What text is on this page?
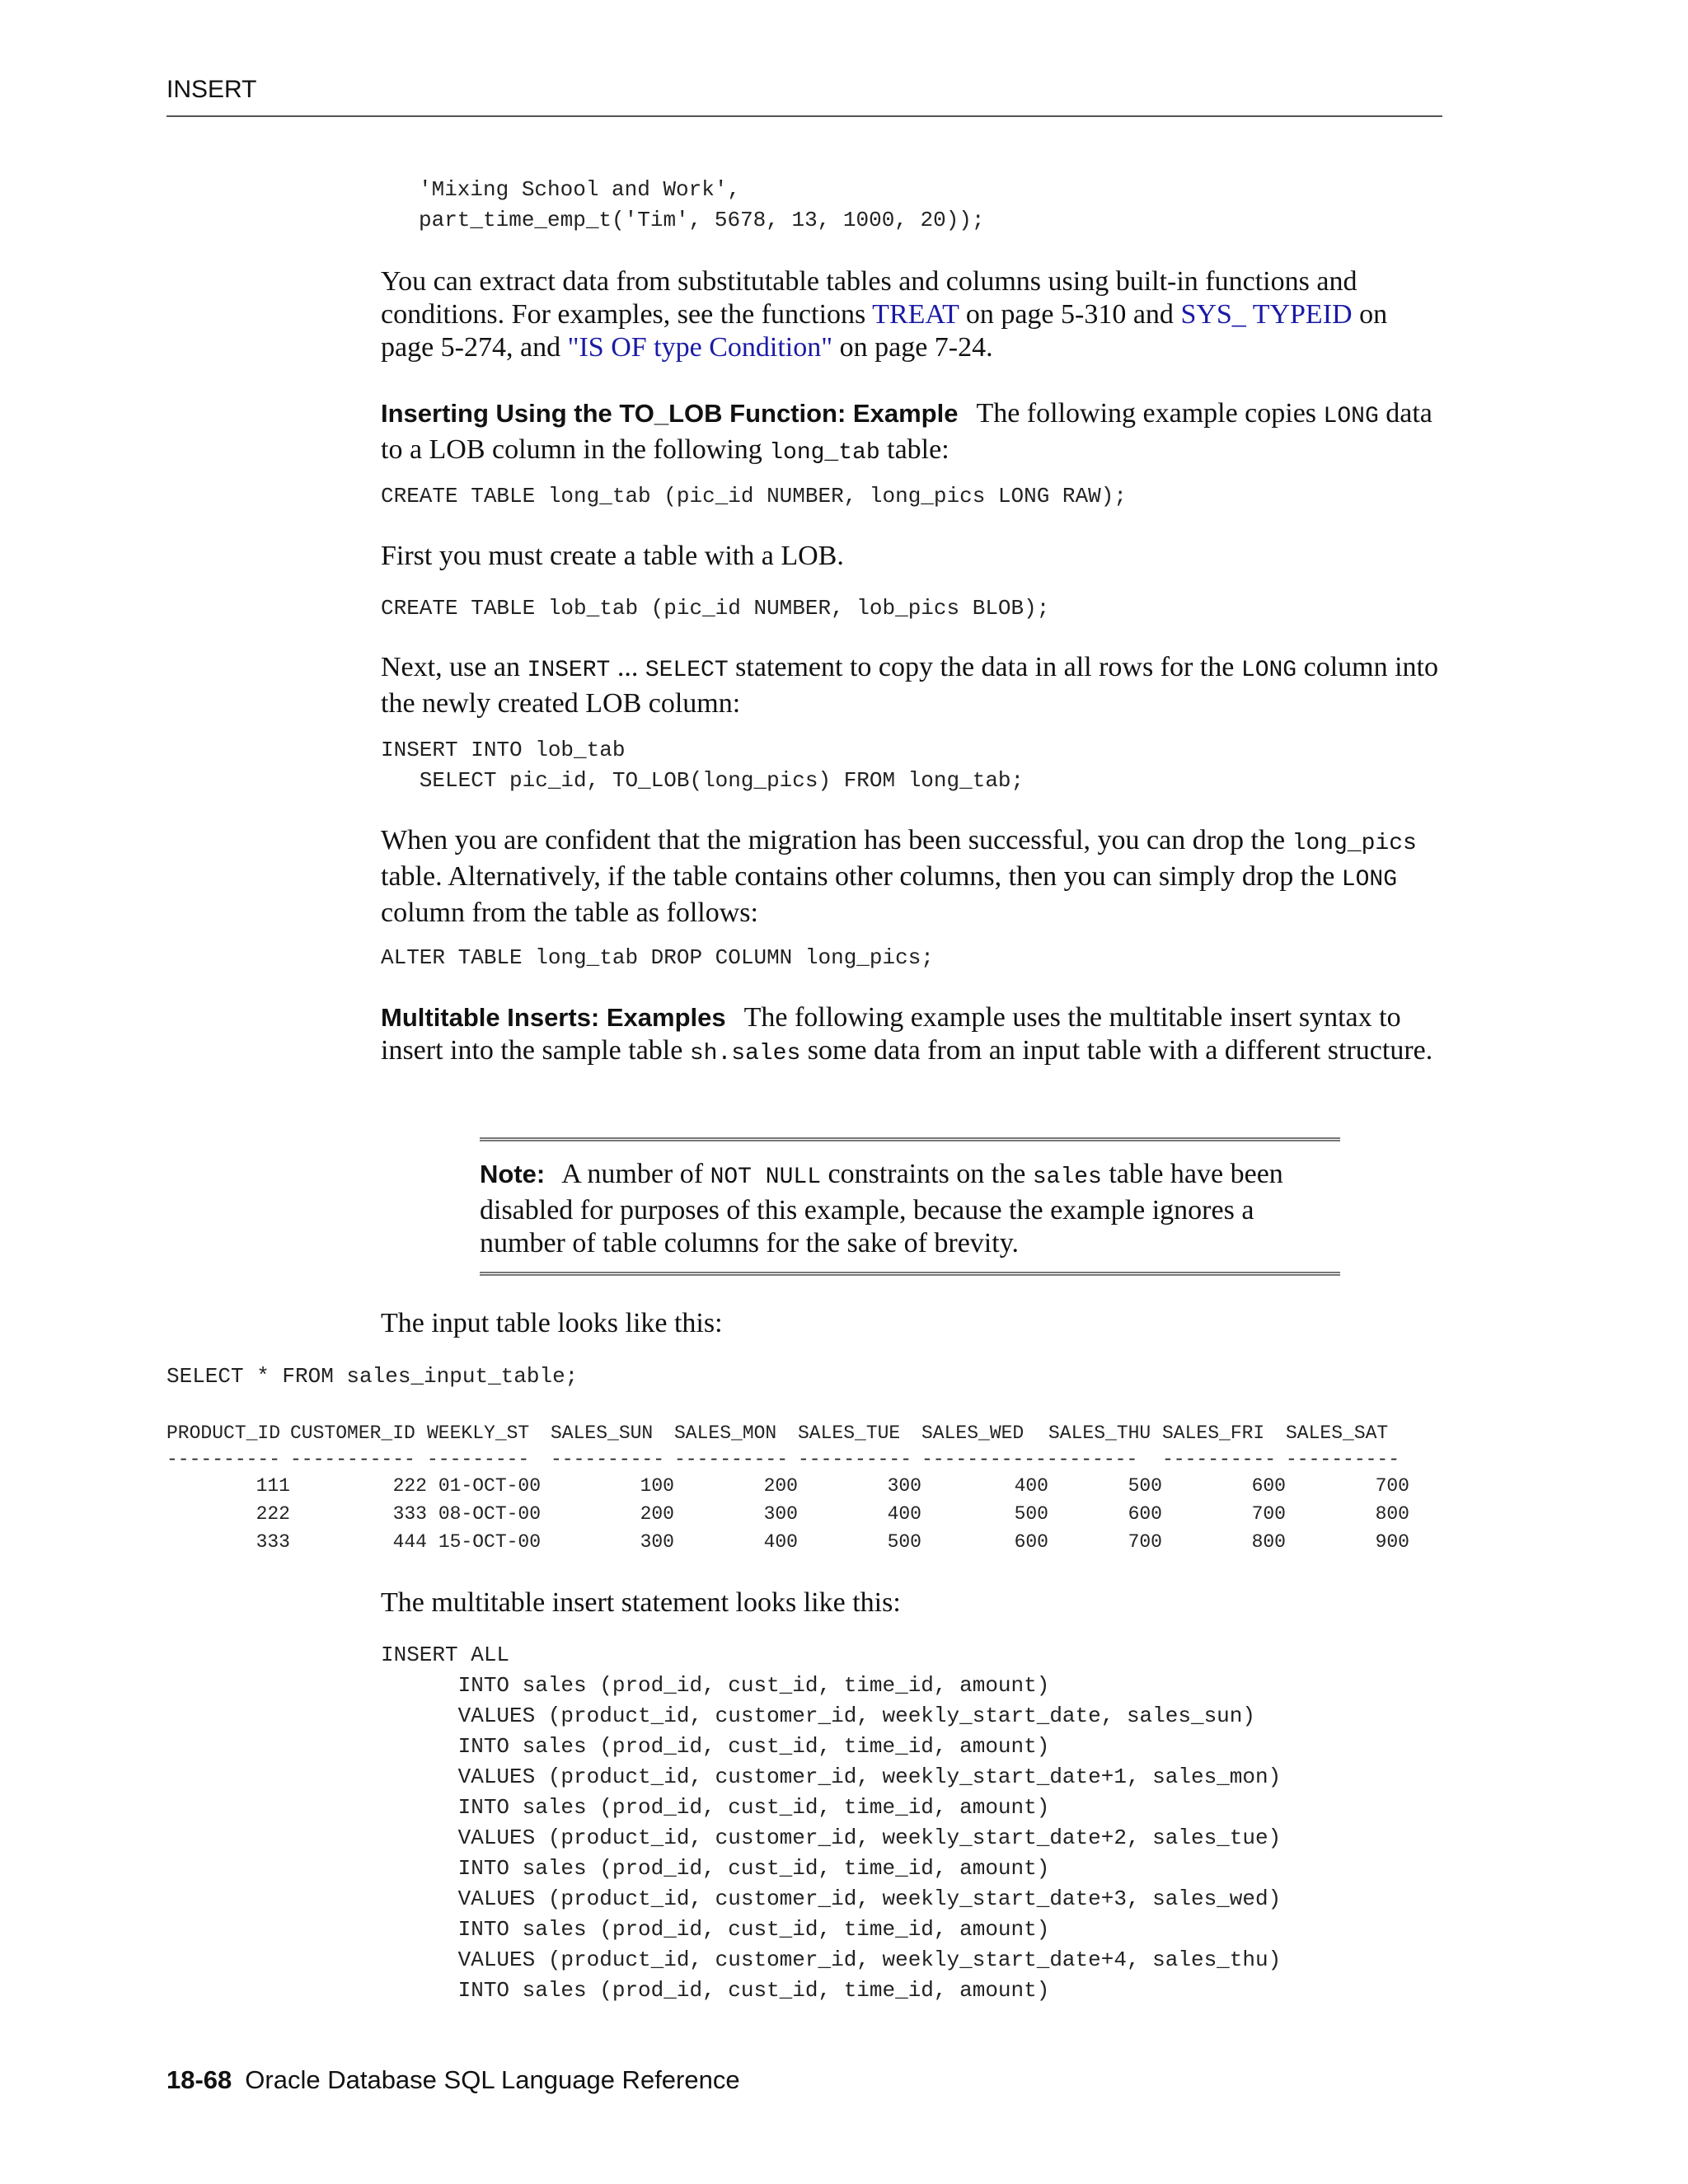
INSERT
'Mixing School and Work',
part_time_emp_t('Tim', 5678, 13, 1000, 20));
You can extract data from substitutable tables and columns using built-in functions and conditions. For examples, see the functions TREAT on page 5-310 and SYS_ TYPEID on page 5-274, and "IS OF type Condition" on page 7-24.
Inserting Using the TO_LOB Function: Example The following example copies LONG data to a LOB column in the following long_tab table:
CREATE TABLE long_tab (pic_id NUMBER, long_pics LONG RAW);
First you must create a table with a LOB.
CREATE TABLE lob_tab (pic_id NUMBER, lob_pics BLOB);
Next, use an INSERT ... SELECT statement to copy the data in all rows for the LONG column into the newly created LOB column:
INSERT INTO lob_tab
SELECT pic_id, TO_LOB(long_pics) FROM long_tab;
When you are confident that the migration has been successful, you can drop the long_pics table. Alternatively, if the table contains other columns, then you can simply drop the LONG column from the table as follows:
ALTER TABLE long_tab DROP COLUMN long_pics;
Multitable Inserts: Examples The following example uses the multitable insert syntax to insert into the sample table sh.sales some data from an input table with a different structure.
Note: A number of NOT NULL constraints on the sales table have been disabled for purposes of this example, because the example ignores a number of table columns for the sake of brevity.
The input table looks like this:
SELECT * FROM sales_input_table;
PRODUCT_ID	CUSTOMER_ID	WEEKLY_ST	SALES_SUN	SALES_MON	SALES_TUE	SALES_WED	SALES_THU	SALES_FRI	SALES_SAT
----------	-----------	---------	----------	----------	----------	-------------------		----------	----------
111	222	01-OCT-00	100	200	300	400	500	600	700
222	333	08-OCT-00	200	300	400	500	600	700	800
333	444	15-OCT-00	300	400	500	600	700	800	900
The multitable insert statement looks like this:
INSERT ALL
INTO sales (prod_id, cust_id, time_id, amount)
VALUES (product_id, customer_id, weekly_start_date, sales_sun)
INTO sales (prod_id, cust_id, time_id, amount)
VALUES (product_id, customer_id, weekly_start_date+1, sales_mon)
INTO sales (prod_id, cust_id, time_id, amount)
VALUES (product_id, customer_id, weekly_start_date+2, sales_tue)
INTO sales (prod_id, cust_id, time_id, amount)
VALUES (product_id, customer_id, weekly_start_date+3, sales_wed)
INTO sales (prod_id, cust_id, time_id, amount)
VALUES (product_id, customer_id, weekly_start_date+4, sales_thu)
INTO sales (prod_id, cust_id, time_id, amount)
18-68 Oracle Database SQL Language Reference
